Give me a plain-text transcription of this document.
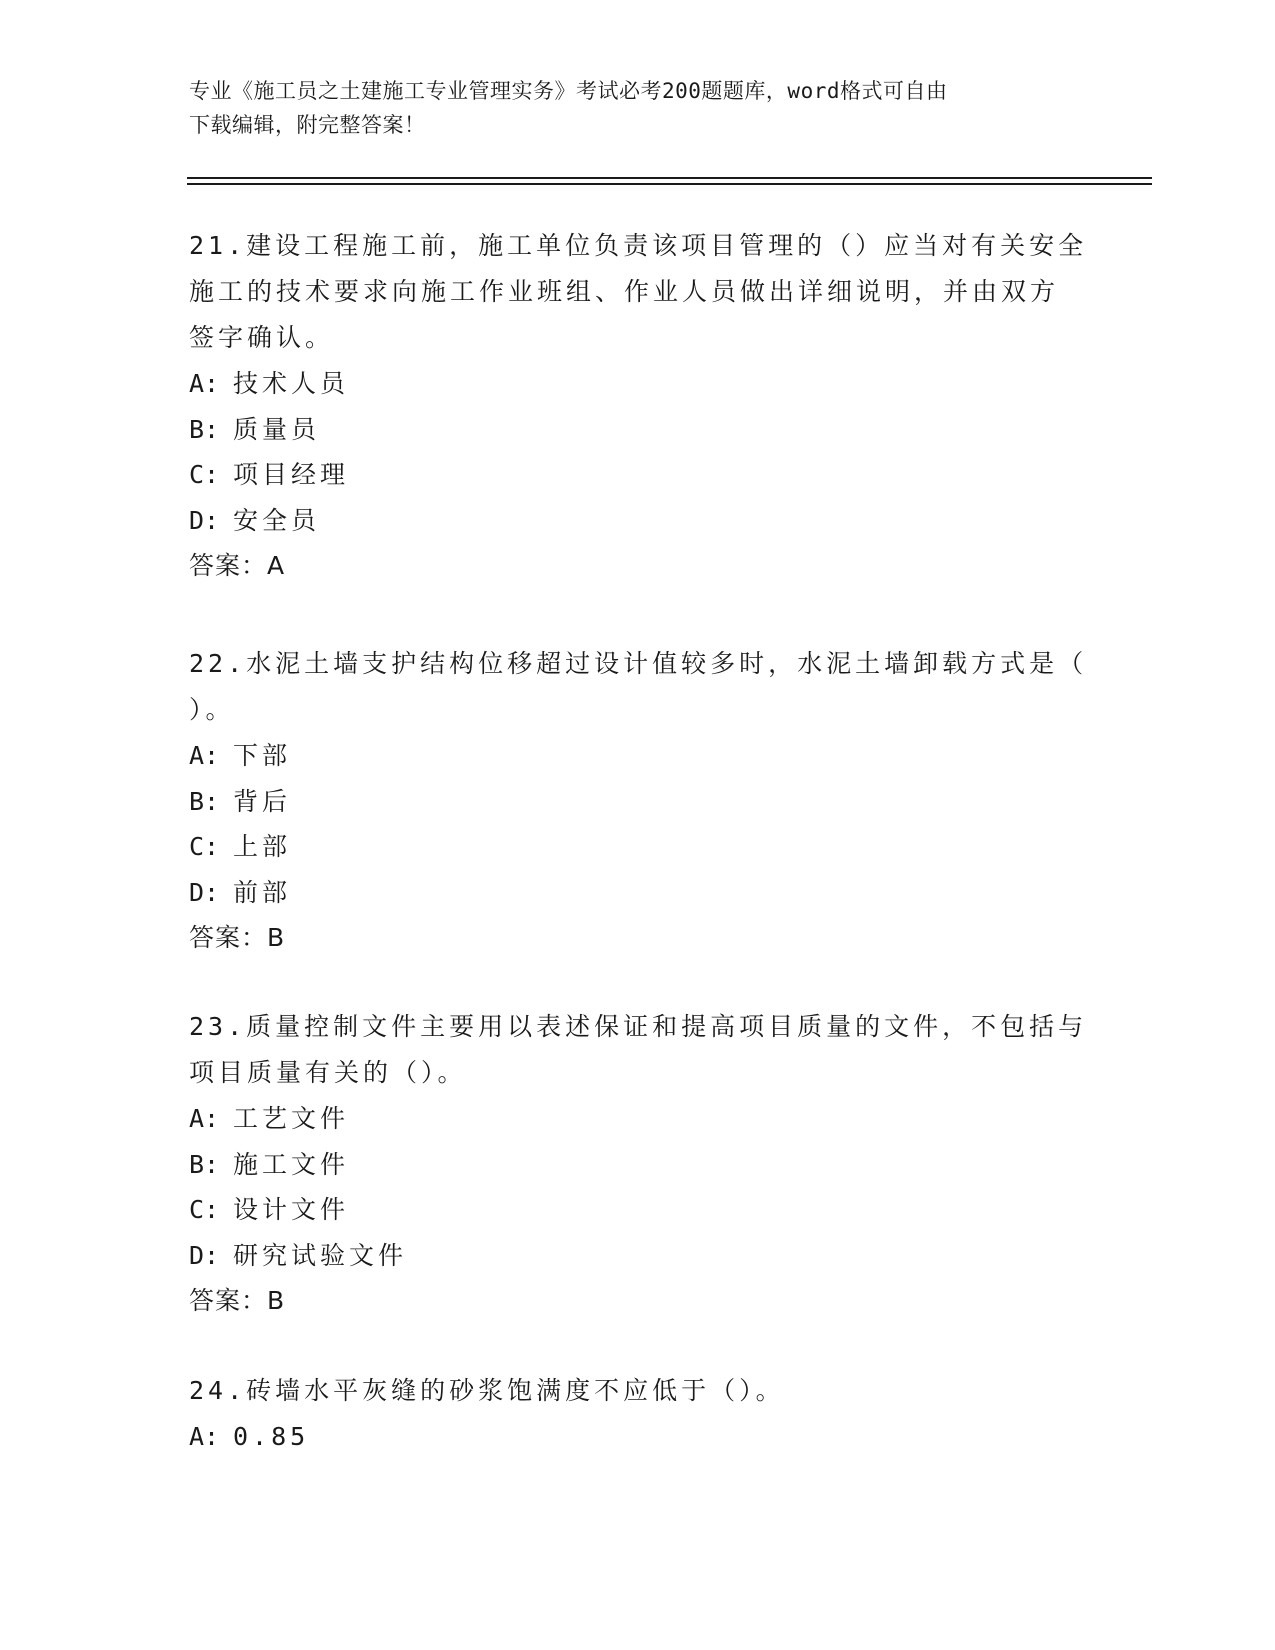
专业《施工员之土建施工专业管理实务》考试必考200题题库，word格式可自由
下载编辑，附完整答案！

21.建设工程施工前，施工单位负责该项目管理的（）应当对有关安全

施工的技术要求向施工作业班组、作业人员做出详细说明，并由双方

签字确认。

A: 技术人员

B: 质量员

C: 项目经理

D: 安全员

答案：A

22.水泥土墙支护结构位移超过设计值较多时，水泥土墙卸载方式是（

）。

A: 下部

B: 背后

C: 上部

D: 前部

答案：B

23.质量控制文件主要用以表述保证和提高项目质量的文件，不包括与

项目质量有关的（）。

A: 工艺文件

B: 施工文件

C: 设计文件

D: 研究试验文件

答案：B

24.砖墙水平灰缝的砂浆饱满度不应低于（）。

A: 0.85
